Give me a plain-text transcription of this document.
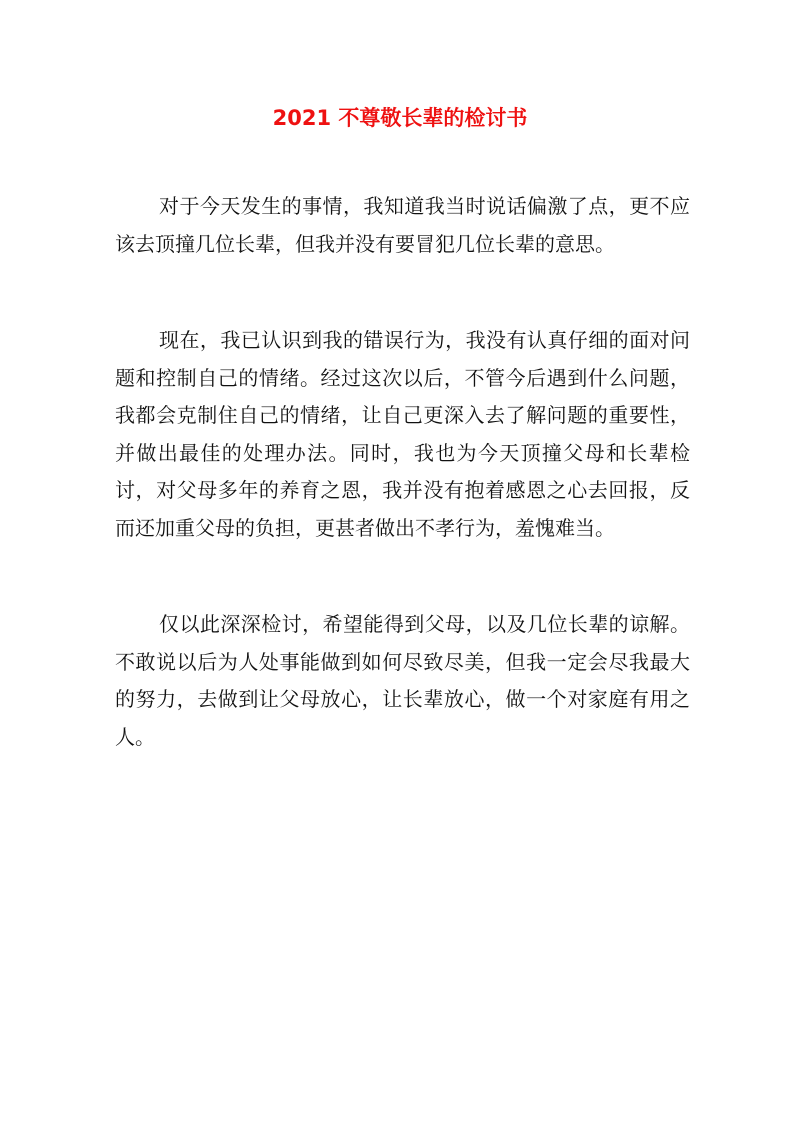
2021 不尊敬长辈的检讨书

对于今天发生的事情，我知道我当时说话偏激了点，更不应该去顶撞几位长辈，但我并没有要冒犯几位长辈的意思。

现在，我已认识到我的错误行为，我没有认真仔细的面对问题和控制自己的情绪。经过这次以后，不管今后遇到什么问题，我都会克制住自己的情绪，让自己更深入去了解问题的重要性，并做出最佳的处理办法。同时，我也为今天顶撞父母和长辈检讨，对父母多年的养育之恩，我并没有抱着感恩之心去回报，反而还加重父母的负担，更甚者做出不孝行为，羞愧难当。

仅以此深深检讨，希望能得到父母，以及几位长辈的谅解。不敢说以后为人处事能做到如何尽致尽美，但我一定会尽我最大的努力，去做到让父母放心，让长辈放心，做一个对家庭有用之人。
